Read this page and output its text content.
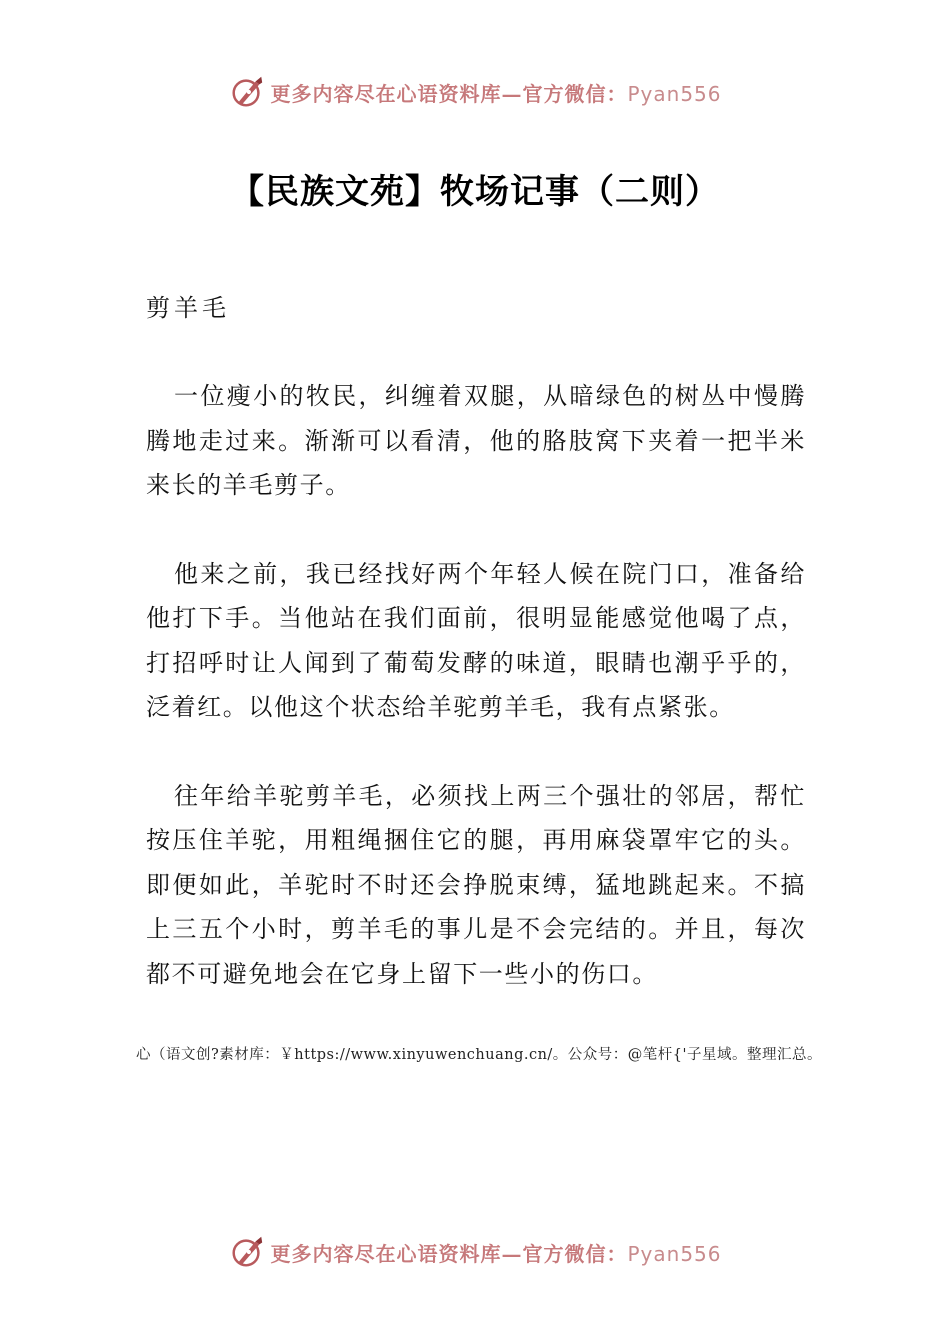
更多内容尽在心语资料库—官方微信：Pyan556
【民族文苑】牧场记事（二则）
剪羊毛

一位瘦小的牧民，纠缠着双腿，从暗绿色的树丛中慢腾腾地走过来。渐渐可以看清，他的胳肢窝下夹着一把半米来长的羊毛剪子。

他来之前，我已经找好两个年轻人候在院门口，准备给他打下手。当他站在我们面前，很明显能感觉他喝了点，打招呼时让人闻到了葡萄发酵的味道，眼睛也潮乎乎的，泛着红。以他这个状态给羊驼剪羊毛，我有点紧张。

往年给羊驼剪羊毛，必须找上两三个强壮的邻居，帮忙按压住羊驼，用粗绳捆住它的腿，再用麻袋罩牢它的头。即便如此，羊驼时不时还会挣脱束缚，猛地跳起来。不搞上三五个小时，剪羊毛的事儿是不会完结的。并且，每次都不可避免地会在它身上留下一些小的伤口。

心（语文创?素材库：￥https://www.xinyuwenchuang.cn/。公众号：@笔杆{'子星域。整理汇总。

更多内容尽在心语资料库—官方微信：Pyan556
